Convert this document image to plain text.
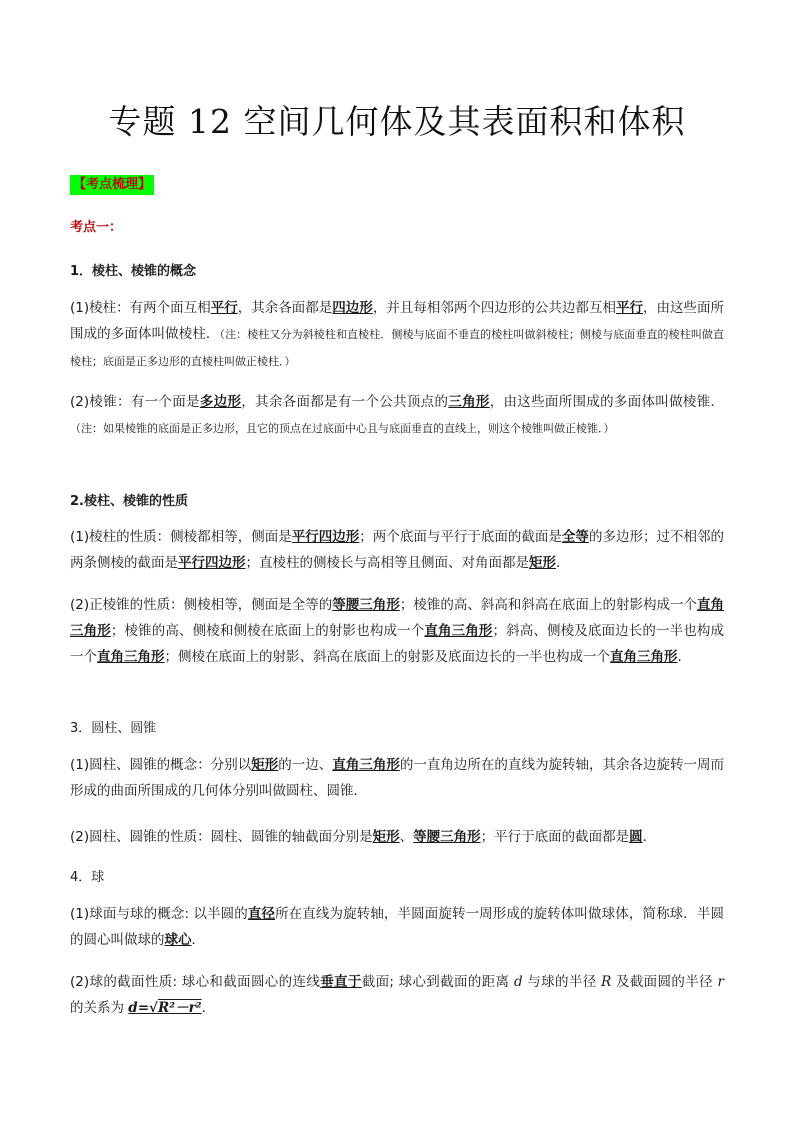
专题 12 空间几何体及其表面积和体积
【考点梳理】
考点一：
1．棱柱、棱锥的概念
(1)棱柱：有两个面互相平行，其余各面都是四边形，并且每相邻两个四边形的公共边都互相平行，由这些面所围成的多面体叫做棱柱．（注：棱柱又分为斜棱柱和直棱柱．侧棱与底面不垂直的棱柱叫做斜棱柱；侧棱与底面垂直的棱柱叫做直棱柱；底面是正多边形的直棱柱叫做正棱柱．）
(2)棱锥：有一个面是多边形，其余各面都是有一个公共顶点的三角形，由这些面所围成的多面体叫做棱锥．（注：如果棱锥的底面是正多边形，且它的顶点在过底面中心且与底面垂直的直线上，则这个棱锥叫做正棱锥．）
2.棱柱、棱锥的性质
(1)棱柱的性质：侧棱都相等，侧面是平行四边形；两个底面与平行于底面的截面是全等的多边形；过不相邻的两条侧棱的截面是平行四边形；直棱柱的侧棱长与高相等且侧面、对角面都是矩形．
(2)正棱锥的性质：侧棱相等，侧面是全等的等腰三角形；棱锥的高、斜高和斜高在底面上的射影构成一个直角三角形；棱锥的高、侧棱和侧棱在底面上的射影也构成一个直角三角形；斜高、侧棱及底面边长的一半也构成一个直角三角形；侧棱在底面上的射影、斜高在底面上的射影及底面边长的一半也构成一个直角三角形．
3．圆柱、圆锥
(1)圆柱、圆锥的概念：分别以矩形的一边、直角三角形的一直角边所在的直线为旋转轴，其余各边旋转一周而形成的曲面所围成的几何体分别叫做圆柱、圆锥．
(2)圆柱、圆锥的性质：圆柱、圆锥的轴截面分别是矩形、等腰三角形；平行于底面的截面都是圆．
4．球
(1)球面与球的概念: 以半圆的直径所在直线为旋转轴，半圆面旋转一周形成的旋转体叫做球体，简称球．半圆的圆心叫做球的球心．
(2)球的截面性质: 球心和截面圆心的连线垂直于截面; 球心到截面的距离 d 与球的半径 R 及截面圆的半径 r 的关系为 d=√R²－r²．
